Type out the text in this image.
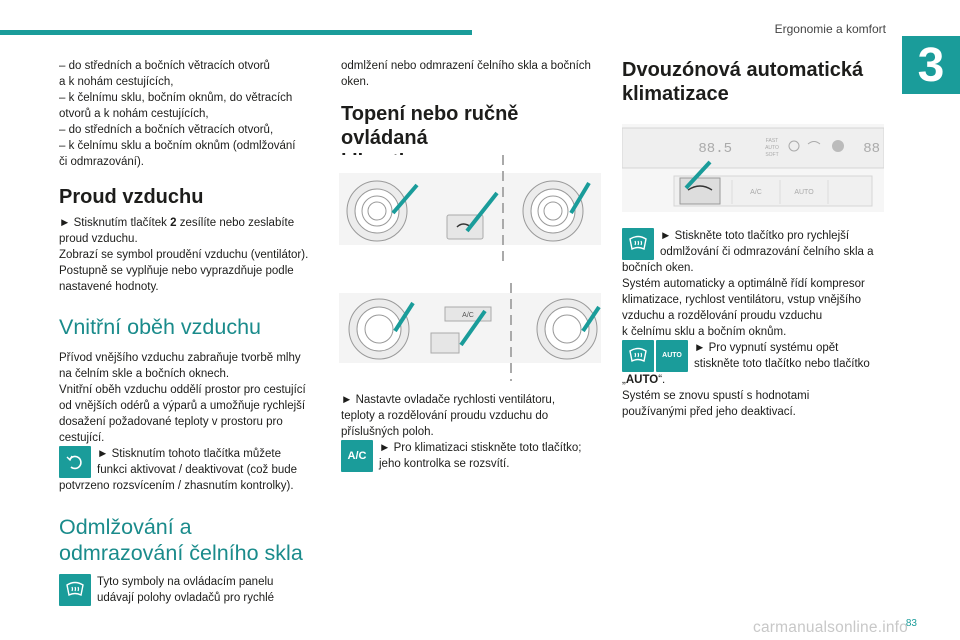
Ergonomie a komfort
3

– do středních a bočních větracích otvorů

a k nohám cestujících,

– k čelnímu sklu, bočním oknům, do větracích

otvorů a k nohám cestujících,

– do středních a bočních větracích otvorů,

– k čelnímu sklu a bočním oknům (odmlžování

či odmrazování).

Proud vzduchu

► Stisknutím tlačítek 2 zesílíte nebo zeslabíte

proud vzduchu.

Zobrazí se symbol proudění vzduchu (ventilátor).

Postupně se vyplňuje nebo vyprazdňuje podle

nastavené hodnoty.

Vnitřní oběh vzduchu

Přívod vnějšího vzduchu zabraňuje tvorbě mlhy

na čelním skle a bočních oknech.

Vnitřní oběh vzduchu oddělí prostor pro cestující

od vnějších odérů a výparů a umožňuje rychlejší

dosažení požadované teploty v prostoru pro

cestující.

► Stisknutím tohoto tlačítka můžete

funkci aktivovat / deaktivovat (což bude

potvrzeno rozsvícením / zhasnutím kontrolky).

Odmlžování a
odmrazování čelního skla

Tyto symboly na ovládacím panelu

udávají polohy ovladačů pro rychlé

odmlžení nebo odmrazení čelního skla a bočních

oken.

Topení nebo ručně ovládaná
klimatizace
A/C

► Nastavte ovladače rychlosti ventilátoru,

teploty a rozdělování proudu vzduchu do

příslušných poloh.

A/C

► Pro klimatizaci stiskněte toto tlačítko;

jeho kontrolka se rozsvítí.

Dvouzónová automatická
klimatizace
88.5	FAST
AUTO
SOFT	88
A/C	AUTO

► Stiskněte toto tlačítko pro rychlejší

odmlžování či odmrazování čelního skla a

bočních oken.

Systém automaticky a optimálně řídí kompresor

klimatizace, rychlost ventilátoru, vstup vnějšího

vzduchu a rozdělování proudu vzduchu

k čelnímu sklu a bočním oknům.

AUTO

► Pro vypnutí systému opět

stiskněte toto tlačítko nebo tlačítko

„AUTO“.

Systém se znovu spustí s hodnotami

používanými před jeho deaktivací.

83
carmanualsonline.info
